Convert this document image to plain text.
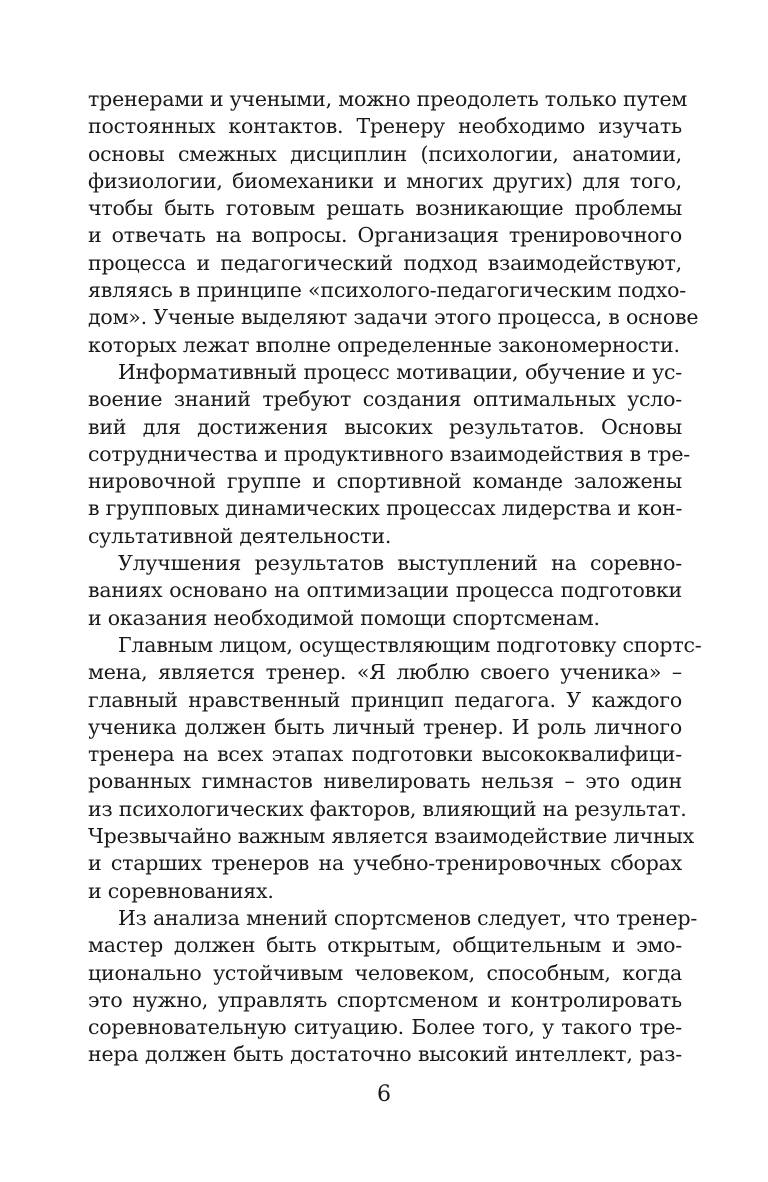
тренерами и учеными, можно преодолеть только путем
постоянных контактов. Тренеру необходимо изучать
основы смежных дисциплин (психологии, анатомии,
физиологии, биомеханики и многих других) для того,
чтобы быть готовым решать возникающие проблемы
и отвечать на вопросы. Организация тренировочного
процесса и педагогический подход взаимодействуют,
являясь в принципе «психолого-педагогическим подхо-
дом». Ученые выделяют задачи этого процесса, в основе
которых лежат вполне определенные закономерности.
Информативный процесс мотивации, обучение и ус-
воение знаний требуют создания оптимальных усло-
вий для достижения высоких результатов. Основы
сотрудничества и продуктивного взаимодействия в тре-
нировочной группе и спортивной команде заложены
в групповых динамических процессах лидерства и кон-
сультативной деятельности.
Улучшения результатов выступлений на соревно-
ваниях основано на оптимизации процесса подготовки
и оказания необходимой помощи спортсменам.
Главным лицом, осуществляющим подготовку спортс-
мена, является тренер. «Я люблю своего ученика» –
главный нравственный принцип педагога. У каждого
ученика должен быть личный тренер. И роль личного
тренера на всех этапах подготовки высококвалифици-
рованных гимнастов нивелировать нельзя – это один
из психологических факторов, влияющий на результат.
Чрезвычайно важным является взаимодействие личных
и старших тренеров на учебно-тренировочных сборах
и соревнованиях.
Из анализа мнений спортсменов следует, что тренер-
мастер должен быть открытым, общительным и эмо-
ционально устойчивым человеком, способным, когда
это нужно, управлять спортсменом и контролировать
соревновательную ситуацию. Более того, у такого тре-
нера должен быть достаточно высокий интеллект, раз-
6
